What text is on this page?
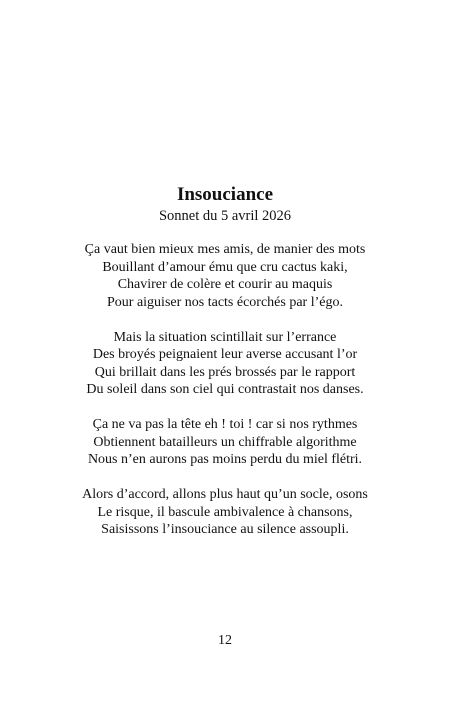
Insouciance
Sonnet du 5 avril 2026
Ça vaut bien mieux mes amis, de manier des mots
Bouillant d’amour ému que cru cactus kaki,
Chavirer de colère et courir au maquis
Pour aiguiser nos tacts écorchés par l’égo.
Mais la situation scintillait sur l’errance
Des broyés peignaient leur averse accusant l’or
Qui brillait dans les prés brossés par le rapport
Du soleil dans son ciel qui contrastait nos danses.
Ça ne va pas la tête eh ! toi ! car si nos rythmes
Obtiennent batailleurs un chiffrable algorithme
Nous n’en aurons pas moins perdu du miel flétri.
Alors d’accord, allons plus haut qu’un socle, osons
Le risque, il bascule ambivalence à chansons,
Saisissons l’insouciance au silence assoupli.
12
